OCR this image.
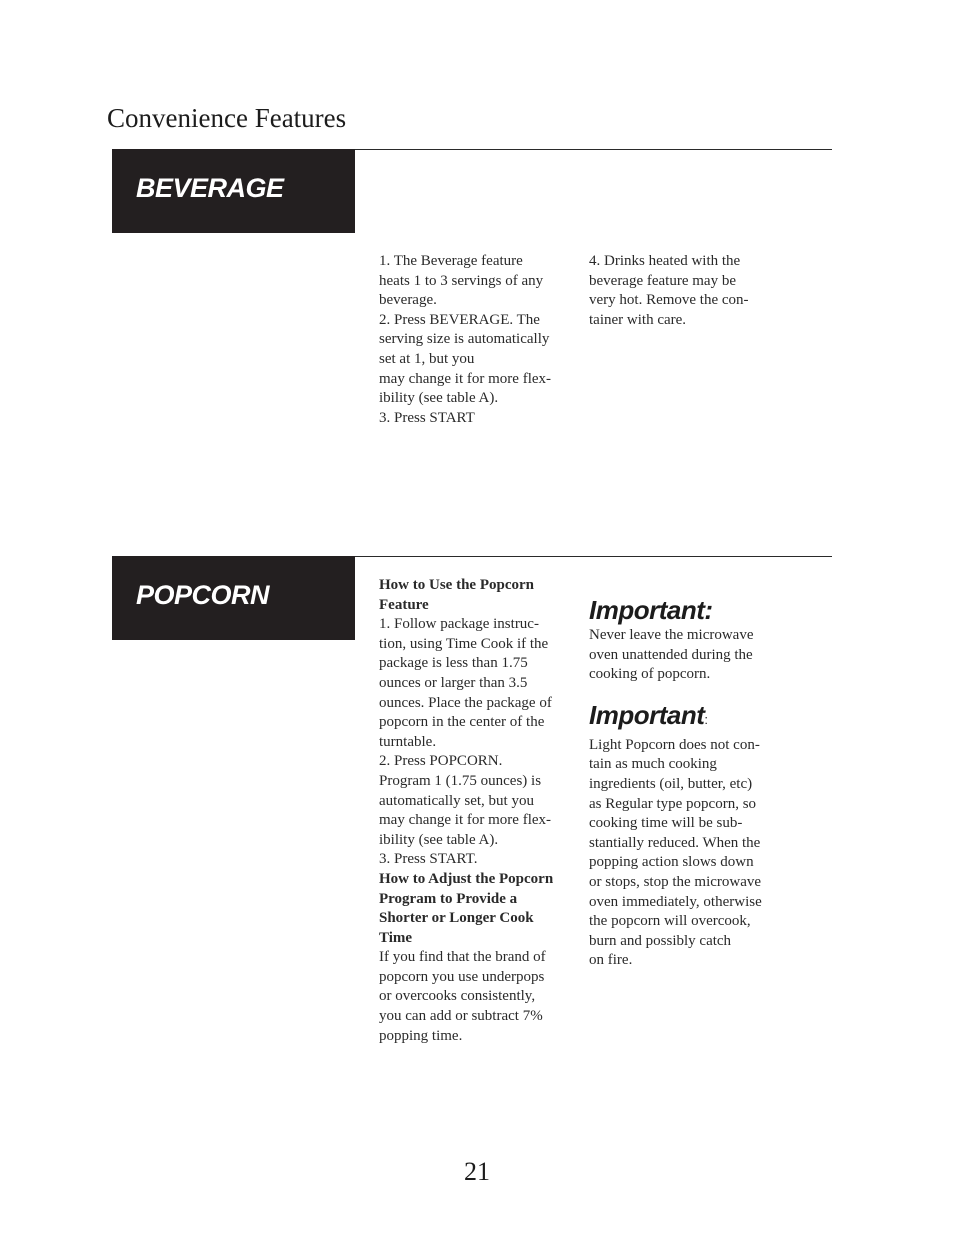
Convenience Features
BEVERAGE

1. The Beverage feature

heats 1 to 3 servings of any

beverage.

2. Press BEVERAGE. The

serving size is automatically

set at 1, but you

may change it for more flex-

ibility (see table A).

3. Press START

4. Drinks heated with the

beverage feature may be

very hot. Remove the con-

tainer with care.

POPCORN	How to Use the Popcorn

Feature

1. Follow package instruc-

tion, using Time Cook if the

package is less than 1.75

ounces or larger than 3.5

ounces. Place the package of

popcorn in the center of the

turntable.

2. Press POPCORN.

Program 1 (1.75 ounces) is

automatically set, but you

may change it for more flex-

ibility (see table A).

3. Press START.

How to Adjust the Popcorn

Program to Provide a

Shorter or Longer Cook

Time

If you find that the brand of

popcorn you use underpops

or overcooks consistently,

you can add or subtract 7%

popping time.

Important:

Never leave the microwave

oven unattended during the

cooking of popcorn.

Important:

Light Popcorn does not con-

tain as much cooking

ingredients (oil, butter, etc)

as Regular type popcorn, so

cooking time will be sub-

stantially reduced. When the

popping action slows down

or stops, stop the microwave

oven immediately, otherwise

the popcorn will overcook,

burn and possibly catch

on fire.

21
